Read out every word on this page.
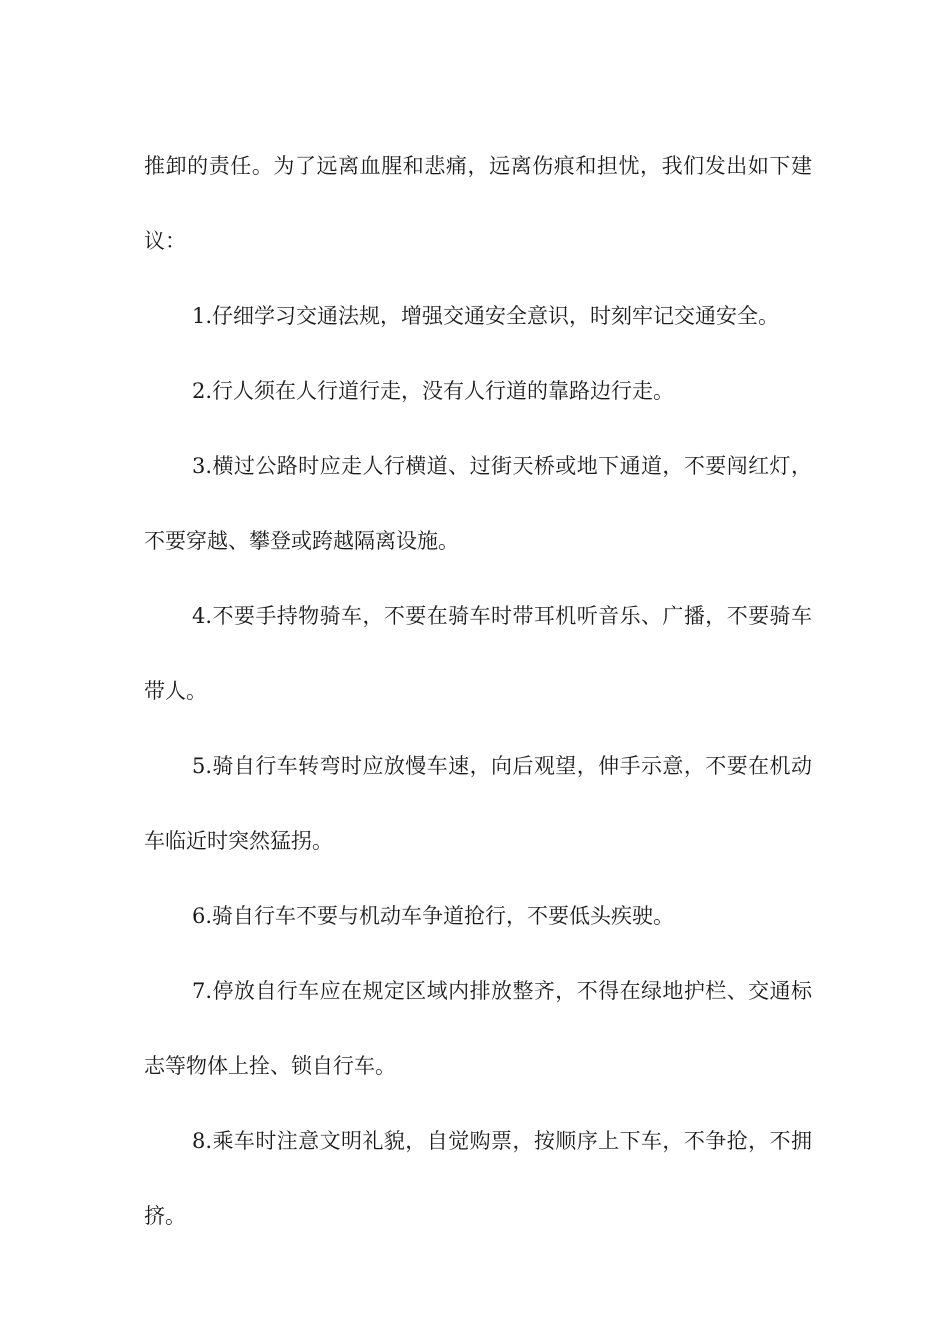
推卸的责任。为了远离血腥和悲痛，远离伤痕和担忧，我们发出如下建议：

1.仔细学习交通法规，增强交通安全意识，时刻牢记交通安全。

2.行人须在人行道行走，没有人行道的靠路边行走。

3.横过公路时应走人行横道、过街天桥或地下通道，不要闯红灯，不要穿越、攀登或跨越隔离设施。

4.不要手持物骑车，不要在骑车时带耳机听音乐、广播，不要骑车带人。

5.骑自行车转弯时应放慢车速，向后观望，伸手示意，不要在机动车临近时突然猛拐。

6.骑自行车不要与机动车争道抢行，不要低头疾驶。

7.停放自行车应在规定区域内排放整齐，不得在绿地护栏、交通标志等物体上拴、锁自行车。

8.乘车时注意文明礼貌，自觉购票，按顺序上下车，不争抢，不拥挤。
